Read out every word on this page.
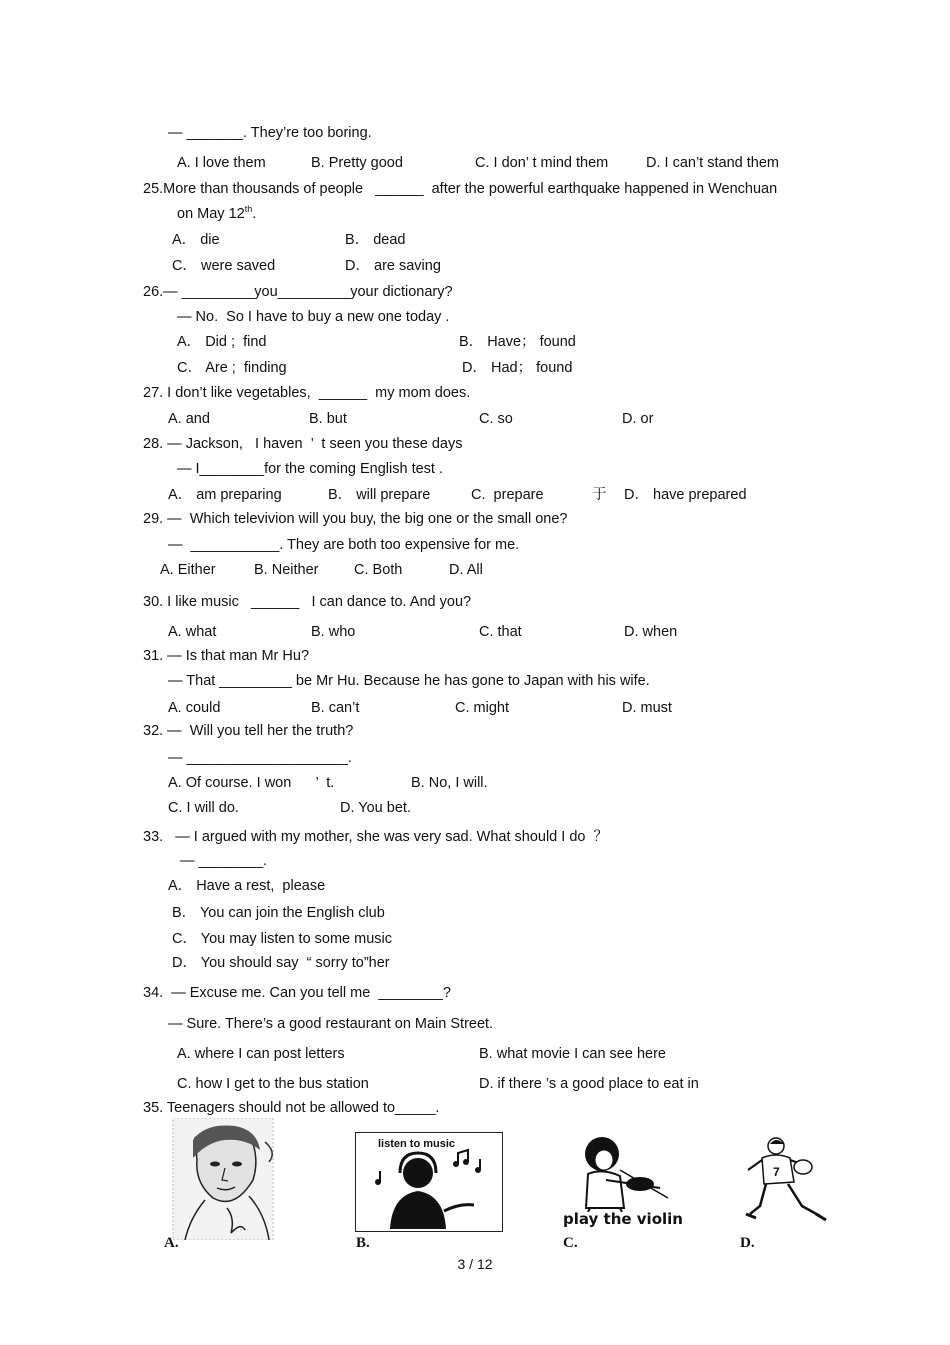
— _______. They’re too boring.
A. I love them	B. Pretty good	C. I don’ t mind them	D. I can’t stand them
25.More than thousands of people   ______  after the powerful earthquake happened in Wenchuan
on May 12th.
A． die	B． dead
C． were saved	D． are saving
26.— _________you_________your dictionary?
— No.  So I have to buy a new one today .
A． Did ;  find	B． Have； found
C． Are ;  finding	D． Had； found
27. I don’t like vegetables,  ______  my mom does.
A. and	B. but	C. so	D. or
28. — Jackson,   I haven  ’  t seen you these days
— I________for the coming English test .
A． am preparing	B． will prepare	C.  prepare	于 D． have prepared
29. —  Which televivion will you buy, the big one or the small one?
—  ___________. They are both too expensive for me.
A. Either	B. Neither C. Both	D. All
30. I like music   ______   I can dance to. And you?
A. what	B. who	C. that	D. when
31. — Is that man Mr Hu?
— That _________ be Mr Hu. Because he has gone to Japan with his wife.
A. could	B. can’t	C. might	D. must
32. —  Will you tell her the truth?
— ____________________.
A. Of course. I won      ’  t.	B. No, I will.
C. I will do.	D. You bet.
33.   — I argued with my mother, she was very sad. What should I do  ？
— ________.
A． Have a rest,  please
B． You can join the English club
C． You may listen to some music
D． You should say  “ sorry to”her
34.  — Excuse me. Can you tell me  ________?
— Sure. There’s a good restaurant on Main Street.
A. where I can post letters	B. what movie I can see here
C. how I get to the bus station	D. if there ’s a good place to eat in
35. Teenagers should not be allowed to_____.
A.
listen to music
B.
play the violin
C.
7
D.
3 / 12
